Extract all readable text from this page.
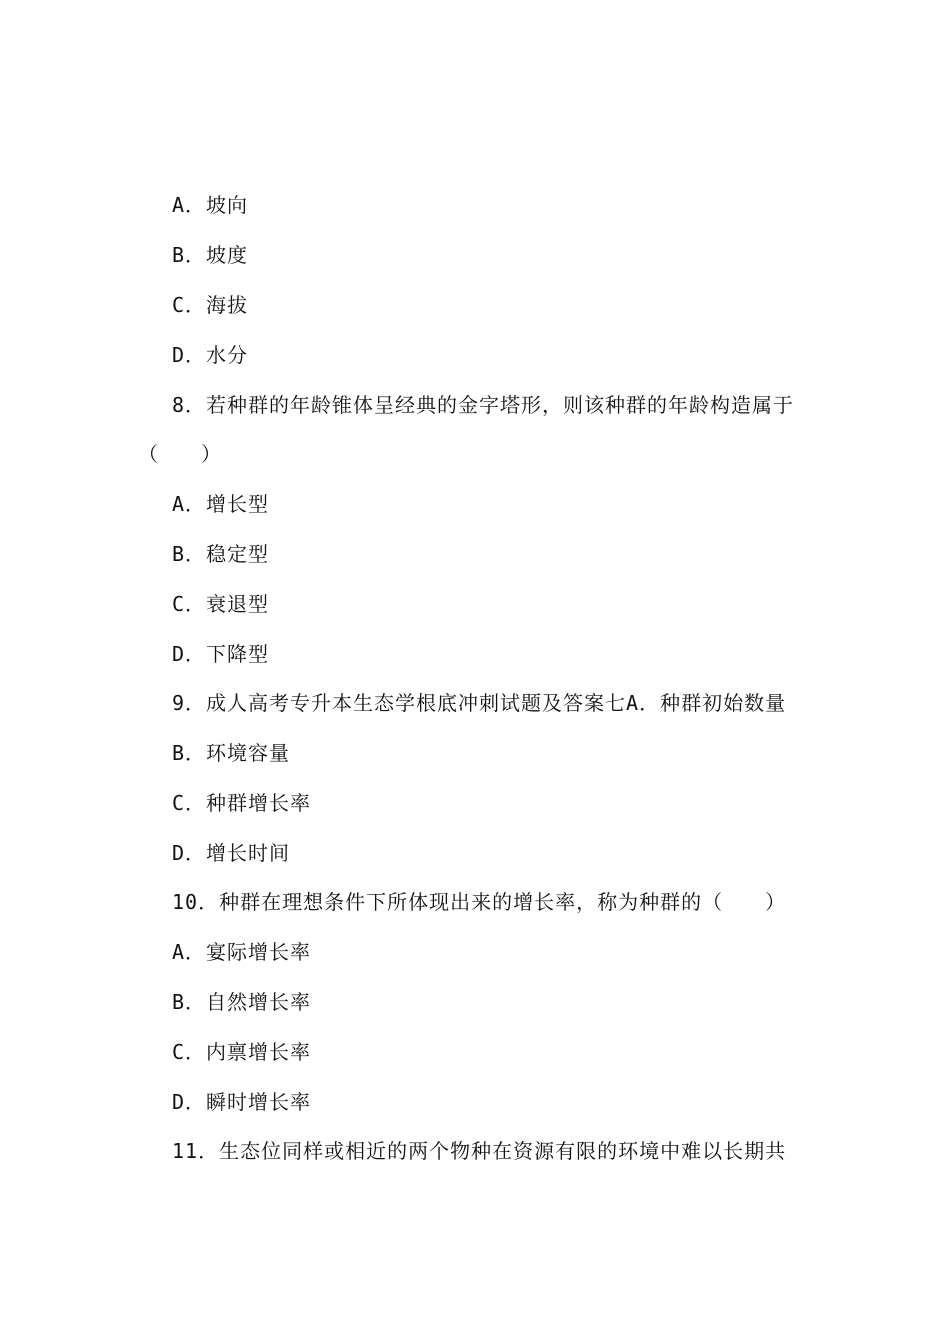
A．坡向
B．坡度
C．海拔
D．水分
8．若种群的年龄锥体呈经典的金字塔形，则该种群的年龄构造属于
（　　）
A．增长型
B．稳定型
C．衰退型
D．下降型
9．成人高考专升本生态学根底冲刺试题及答案七A．种群初始数量
B．环境容量
C．种群增长率
D．增长时间
10．种群在理想条件下所体现出来的增长率，称为种群的（　　）
A．宴际增长率
B．自然增长率
C．内禀增长率
D．瞬时增长率
11．生态位同样或相近的两个物种在资源有限的环境中难以长期共
